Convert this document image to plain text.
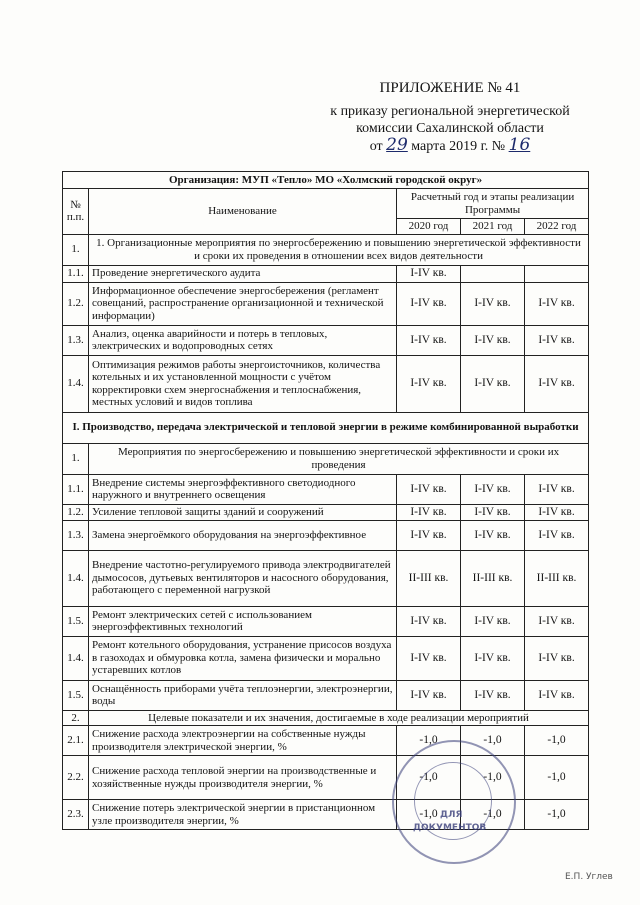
ПРИЛОЖЕНИЕ № 41
к приказу региональной энергетической
комиссии Сахалинской области
от 29 марта 2019 г. № 16
Организация: МУП «Тепло» МО «Холмский городской округ»				
№ п.п.	Наименование	Расчетный год и этапы реализации Программы		
		2020 год	2021 год	2022 год
1.	1. Организационные мероприятия по энергосбережению и повышению энергетической эффективности и сроки их проведения в отношении всех видов деятельности			
1.1.	Проведение энергетического аудита	I-IV кв.		
1.2.	Информационное обеспечение энергосбережения (регламент совещаний, распространение организационной и технической информации)	I-IV кв.	I-IV кв.	I-IV кв.
1.3.	Анализ, оценка аварийности и потерь в тепловых, электрических и водопроводных сетях	I-IV кв.	I-IV кв.	I-IV кв.
1.4.	Оптимизация режимов работы энергоисточников, количества котельных и их установленной мощности с учётом корректировки схем энергоснабжения и теплоснабжения, местных условий и видов топлива	I-IV кв.	I-IV кв.	I-IV кв.
I. Производство, передача электрической и тепловой энергии в режиме комбинированной выработки				
1.	Мероприятия по энергосбережению и повышению энергетической эффективности и сроки их проведения			
1.1.	Внедрение системы энергоэффективного светодиодного наружного и внутреннего освещения	I-IV кв.	I-IV кв.	I-IV кв.
1.2.	Усиление тепловой защиты зданий и сооружений	I-IV кв.	I-IV кв.	I-IV кв.
1.3.	Замена энергоёмкого оборудования на энергоэффективное	I-IV кв.	I-IV кв.	I-IV кв.
1.4.	Внедрение частотно-регулируемого привода электродвигателей дымососов, дутьевых вентиляторов и насосного оборудования, работающего с переменной нагрузкой	II-III кв.	II-III кв.	II-III кв.
1.5.	Ремонт электрических сетей с использованием энергоэффективных технологий	I-IV кв.	I-IV кв.	I-IV кв.
1.4.	Ремонт котельного оборудования, устранение присосов воздуха в газоходах и обмуровка котла, замена физически и морально устаревших котлов	I-IV кв.	I-IV кв.	I-IV кв.
1.5.	Оснащённость приборами учёта теплоэнергии, электроэнергии, воды	I-IV кв.	I-IV кв.	I-IV кв.
2.	Целевые показатели и их значения, достигаемые в ходе реализации мероприятий			
2.1.	Снижение расхода электроэнергии на собственные нужды производителя электрической энергии, %	-1,0	-1,0	-1,0
2.2.	Снижение расхода тепловой энергии на производственные и хозяйственные нужды производителя энергии, %	-1,0	-1,0	-1,0
2.3.	Снижение потерь электрической энергии в пристанционном узле производителя энергии, %	-1,0	-1,0	-1,0
ДЛЯ
ДОКУМЕНТОВ
Е.П. Углев
